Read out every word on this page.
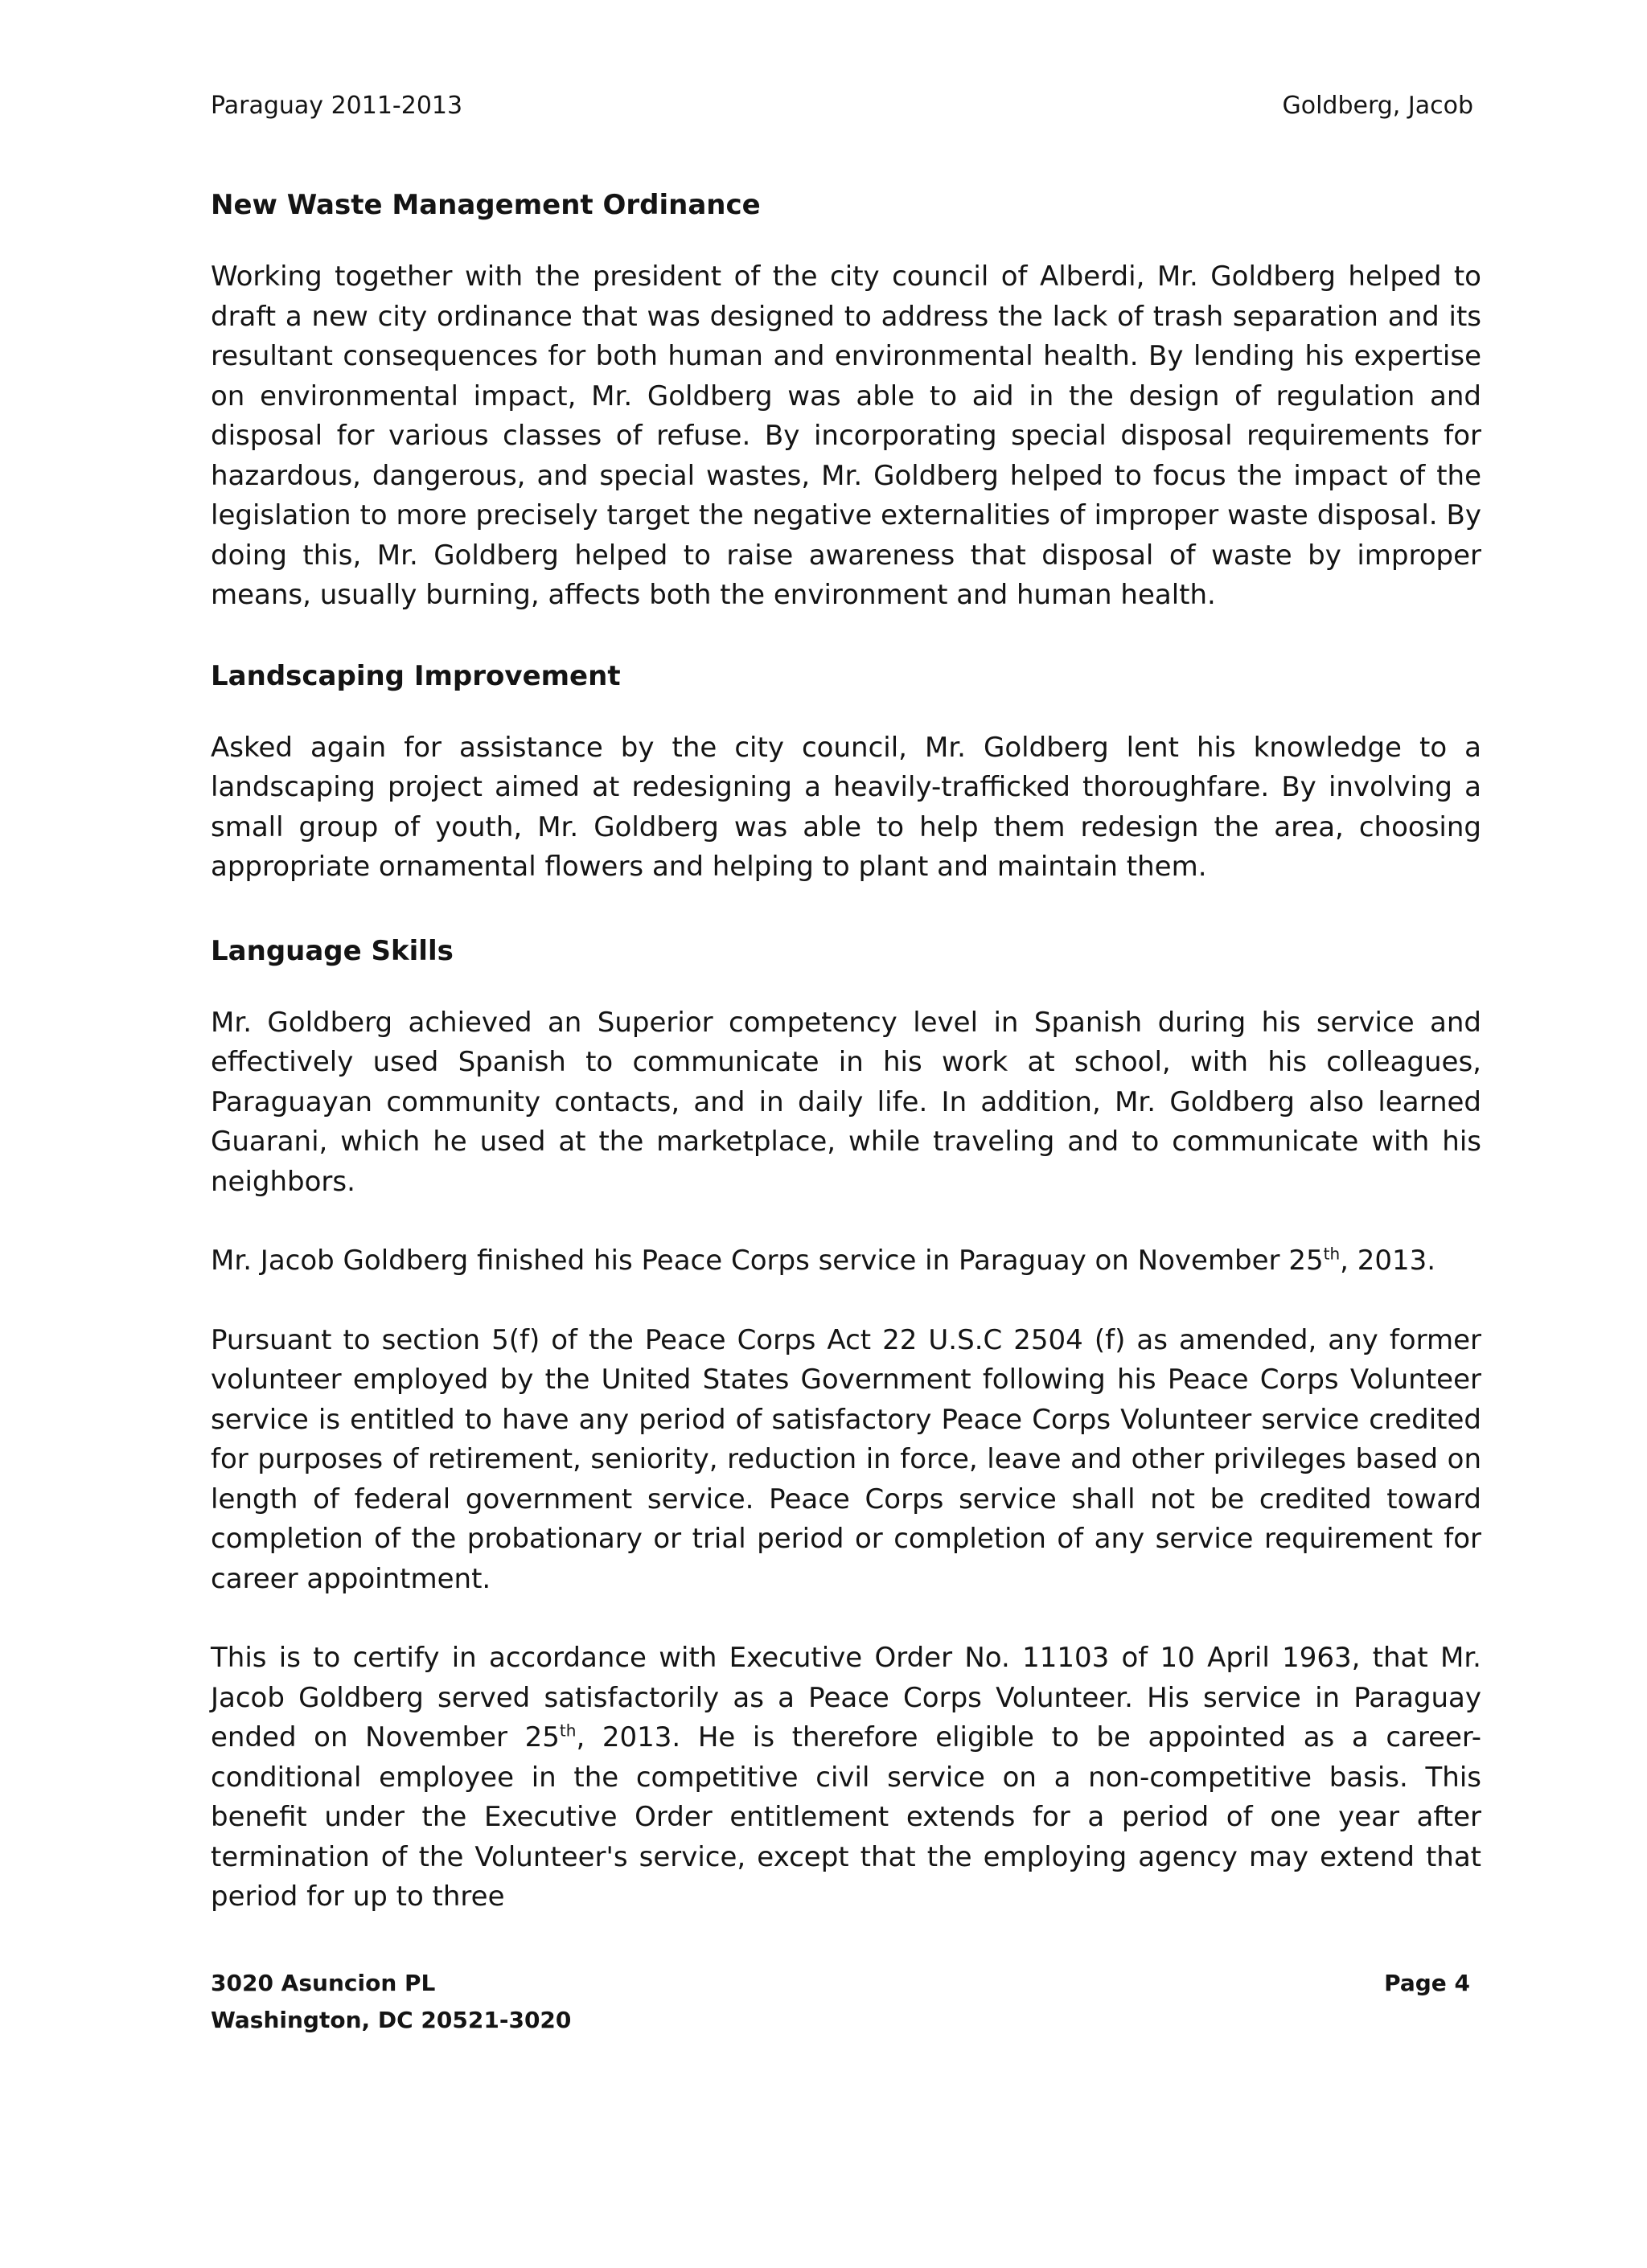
Paraguay 2011-2013	Goldberg, Jacob
New Waste Management Ordinance

Working together with the president of the city council of Alberdi, Mr. Goldberg helped to draft a new city ordinance that was designed to address the lack of trash separation and its resultant consequences for both human and environmental health. By lending his expertise on environmental impact, Mr. Goldberg was able to aid in the design of regulation and disposal for various classes of refuse. By incorporating special disposal requirements for hazardous, dangerous, and special wastes, Mr. Goldberg helped to focus the impact of the legislation to more precisely target the negative externalities of improper waste disposal. By doing this, Mr. Goldberg helped to raise awareness that disposal of waste by improper means, usually burning, affects both the environment and human health.

Landscaping Improvement

Asked again for assistance by the city council, Mr. Goldberg lent his knowledge to a landscaping project aimed at redesigning a heavily-trafficked thoroughfare. By involving a small group of youth, Mr. Goldberg was able to help them redesign the area, choosing appropriate ornamental flowers and helping to plant and maintain them.

Language Skills

Mr. Goldberg achieved an Superior competency level in Spanish during his service and effectively used Spanish to communicate in his work at school, with his colleagues, Paraguayan community contacts, and in daily life. In addition, Mr. Goldberg also learned Guarani, which he used at the marketplace, while traveling and to communicate with his neighbors.

Mr. Jacob Goldberg finished his Peace Corps service in Paraguay on November 25th, 2013.

Pursuant to section 5(f) of the Peace Corps Act 22 U.S.C 2504 (f) as amended, any former volunteer employed by the United States Government following his Peace Corps Volunteer service is entitled to have any period of satisfactory Peace Corps Volunteer service credited for purposes of retirement, seniority, reduction in force, leave and other privileges based on length of federal government service. Peace Corps service shall not be credited toward completion of the probationary or trial period or completion of any service requirement for career appointment.

This is to certify in accordance with Executive Order No. 11103 of 10 April 1963, that Mr. Jacob Goldberg served satisfactorily as a Peace Corps Volunteer. His service in Paraguay ended on November 25th, 2013. He is therefore eligible to be appointed as a career-conditional employee in the competitive civil service on a non-competitive basis. This benefit under the Executive Order entitlement extends for a period of one year after termination of the Volunteer's service, except that the employing agency may extend that period for up to three

3020 Asuncion PL
Washington, DC 20521-3020
Page 4
